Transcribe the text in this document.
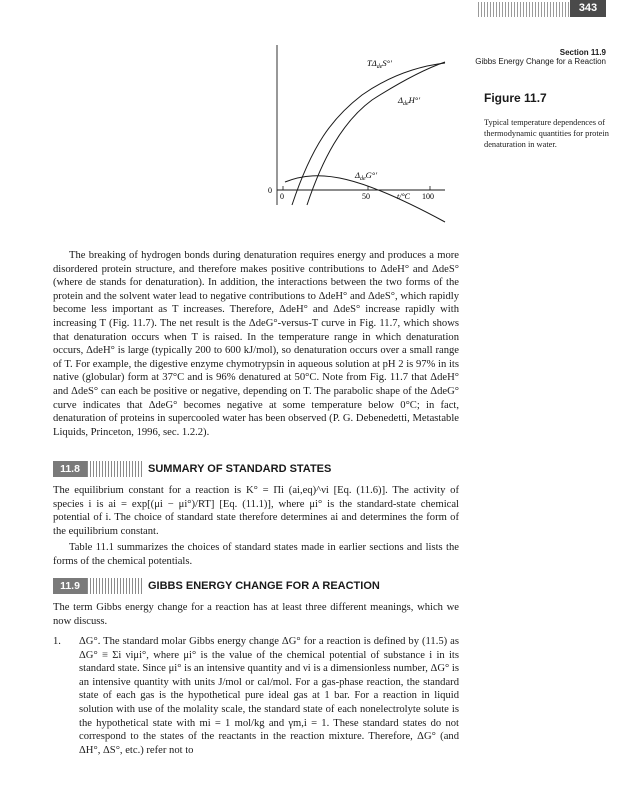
343
Section 11.9
Gibbs Energy Change for a Reaction
$T\Delta_{de}S^\circ'$
$\Delta_{de}H^\circ'$
$\Delta_{de}G^\circ'$
0
0	50	100
t/°C
Figure 11.7
Typical temperature dependences of thermodynamic quantities for protein denaturation in water.
The breaking of hydrogen bonds during denaturation requires energy and produces a more disordered protein structure, and therefore makes positive contributions to ΔdeH° and ΔdeS° (where de stands for denaturation). In addition, the interactions between the two forms of the protein and the solvent water lead to negative contributions to ΔdeH° and ΔdeS°, which rapidly become less important as T increases. Therefore, ΔdeH° and ΔdeS° increase rapidly with increasing T (Fig. 11.7). The net result is the ΔdeG°-versus-T curve in Fig. 11.7, which shows that denaturation occurs when T is raised. In the temperature range in which denaturation occurs, ΔdeH° is large (typically 200 to 600 kJ/mol), so denaturation occurs over a small range of T. For example, the digestive enzyme chymotrypsin in aqueous solution at pH 2 is 97% in its native (globular) form at 37°C and is 96% denatured at 50°C. Note from Fig. 11.7 that ΔdeH° and ΔdeS° can each be positive or negative, depending on T. The parabolic shape of the ΔdeG° curve indicates that ΔdeG° becomes negative at some temperature below 0°C; in fact, denaturation of proteins in supercooled water has been observed (P. G. Debenedetti, Metastable Liquids, Princeton, 1996, sec. 1.2.2).
11.8	SUMMARY OF STANDARD STATES
The equilibrium constant for a reaction is K° = Πi (ai,eq)^νi [Eq. (11.6)]. The activity of species i is ai = exp[(μi − μi°)/RT] [Eq. (11.1)], where μi° is the standard-state chemical potential of i. The choice of standard state therefore determines ai and determines the form of the equilibrium constant.
Table 11.1 summarizes the choices of standard states made in earlier sections and lists the forms of the chemical potentials.
11.9	GIBBS ENERGY CHANGE FOR A REACTION
The term Gibbs energy change for a reaction has at least three different meanings, which we now discuss.
1. ΔG°. The standard molar Gibbs energy change ΔG° for a reaction is defined by (11.5) as ΔG° ≡ Σi νiμi°, where μi° is the value of the chemical potential of substance i in its standard state. Since μi° is an intensive quantity and νi is a dimensionless number, ΔG° is an intensive quantity with units J/mol or cal/mol. For a gas-phase reaction, the standard state of each gas is the hypothetical pure ideal gas at 1 bar. For a reaction in liquid solution with use of the molality scale, the standard state of each nonelectrolyte solute is the hypothetical state with mi = 1 mol/kg and γm,i = 1. These standard states do not correspond to the states of the reactants in the reaction mixture. Therefore, ΔG° (and ΔH°, ΔS°, etc.) refer not to
